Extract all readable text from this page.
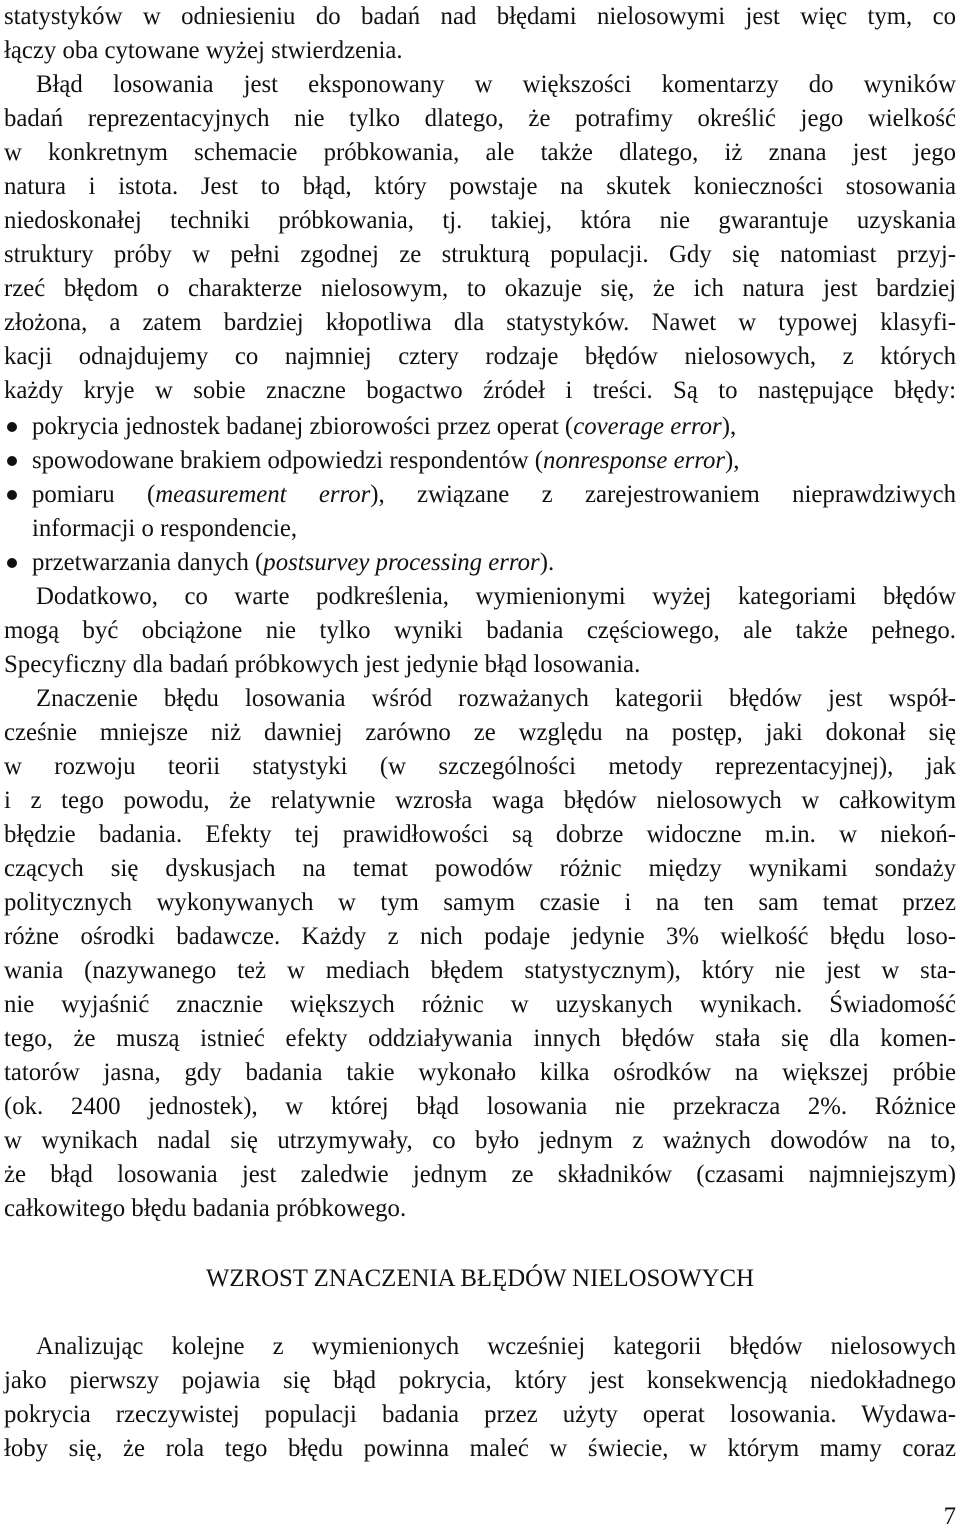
statystyków w odniesieniu do badań nad błędami nielosowymi jest więc tym, co
łączy oba cytowane wyżej stwierdzenia.
Błąd losowania jest eksponowany w większości komentarzy do wyników
badań reprezentacyjnych nie tylko dlatego, że potrafimy określić jego wielkość
w konkretnym schemacie próbkowania, ale także dlatego, iż znana jest jego
natura i istota. Jest to błąd, który powstaje na skutek konieczności stosowania
niedoskonałej techniki próbkowania, tj. takiej, która nie gwarantuje uzyskania
struktury próby w pełni zgodnej ze strukturą populacji. Gdy się natomiast przyj-
rzeć błędom o charakterze nielosowym, to okazuje się, że ich natura jest bardziej
złożona, a zatem bardziej kłopotliwa dla statystyków. Nawet w typowej klasyfi-
kacji odnajdujemy co najmniej cztery rodzaje błędów nielosowych, z których
każdy kryje w sobie znaczne bogactwo źródeł i treści. Są to następujące błędy:
pokrycia jednostek badanej zbiorowości przez operat (coverage error),
spowodowane brakiem odpowiedzi respondentów (nonresponse error),
pomiaru (measurement error), związane z zarejestrowaniem nieprawdziwych
informacji o respondencie,
przetwarzania danych (postsurvey processing error).
Dodatkowo, co warte podkreślenia, wymienionymi wyżej kategoriami błędów
mogą być obciążone nie tylko wyniki badania częściowego, ale także pełnego.
Specyficzny dla badań próbkowych jest jedynie błąd losowania.
Znaczenie błędu losowania wśród rozważanych kategorii błędów jest współ-
cześnie mniejsze niż dawniej zarówno ze względu na postęp, jaki dokonał się
w rozwoju teorii statystyki (w szczególności metody reprezentacyjnej), jak
i z tego powodu, że relatywnie wzrosła waga błędów nielosowych w całkowitym
błędzie badania. Efekty tej prawidłowości są dobrze widoczne m.in. w niekoń-
czących się dyskusjach na temat powodów różnic między wynikami sondaży
politycznych wykonywanych w tym samym czasie i na ten sam temat przez
różne ośrodki badawcze. Każdy z nich podaje jedynie 3% wielkość błędu loso-
wania (nazywanego też w mediach błędem statystycznym), który nie jest w sta-
nie wyjaśnić znacznie większych różnic w uzyskanych wynikach. Świadomość
tego, że muszą istnieć efekty oddziaływania innych błędów stała się dla komen-
tatorów jasna, gdy badania takie wykonało kilka ośrodków na większej próbie
(ok. 2400 jednostek), w której błąd losowania nie przekracza 2%. Różnice
w wynikach nadal się utrzymywały, co było jednym z ważnych dowodów na to,
że błąd losowania jest zaledwie jednym ze składników (czasami najmniejszym)
całkowitego błędu badania próbkowego.
WZROST ZNACZENIA BŁĘDÓW NIELOSOWYCH
Analizując kolejne z wymienionych wcześniej kategorii błędów nielosowych
jako pierwszy pojawia się błąd pokrycia, który jest konsekwencją niedokładnego
pokrycia rzeczywistej populacji badania przez użyty operat losowania. Wydawa-
łoby się, że rola tego błędu powinna maleć w świecie, w którym mamy coraz
7
